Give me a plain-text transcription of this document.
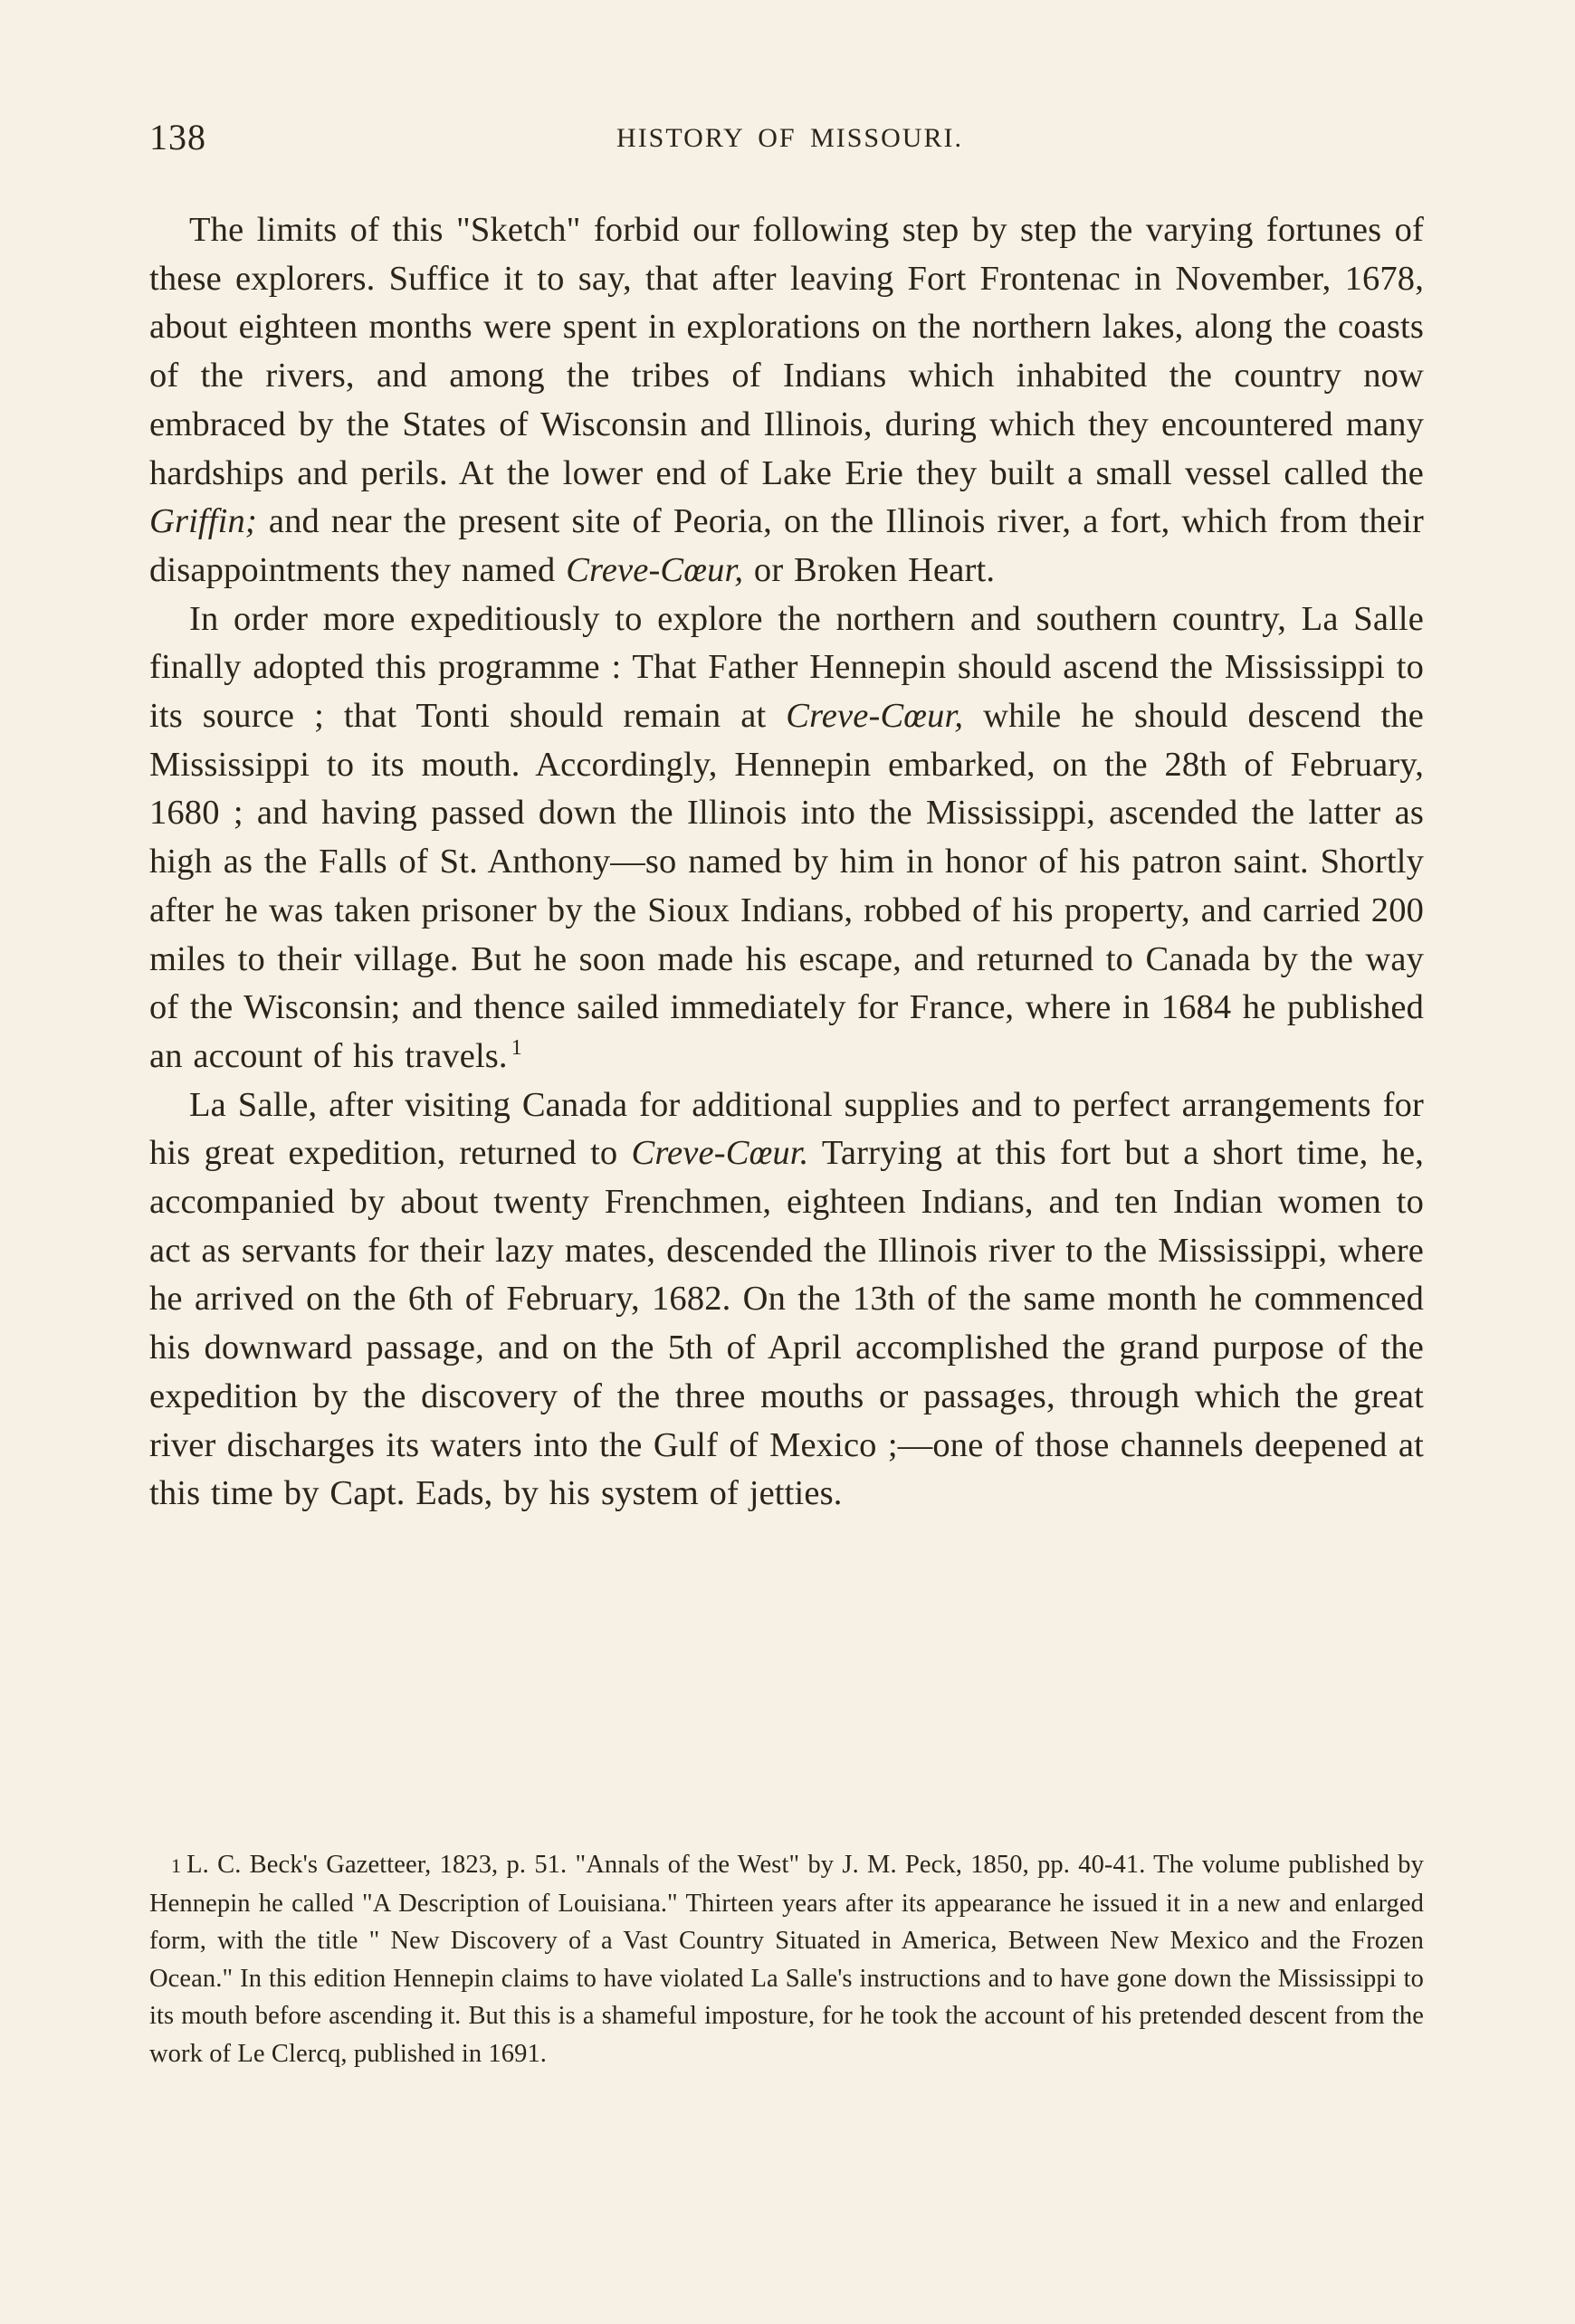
138	HISTORY OF MISSOURI.

The limits of this "Sketch" forbid our following step by step the varying fortunes of these explorers. Suffice it to say, that after leaving Fort Frontenac in November, 1678, about eighteen months were spent in explorations on the northern lakes, along the coasts of the rivers, and among the tribes of Indians which inhabited the country now embraced by the States of Wisconsin and Illinois, during which they encountered many hardships and perils. At the lower end of Lake Erie they built a small vessel called the Griffin; and near the present site of Peoria, on the Illinois river, a fort, which from their disappointments they named Creve-Cœur, or Broken Heart.

In order more expeditiously to explore the northern and southern country, La Salle finally adopted this programme : That Father Hennepin should ascend the Mississippi to its source ; that Tonti should remain at Creve-Cœur, while he should descend the Mississippi to its mouth. Accordingly, Hennepin embarked, on the 28th of February, 1680 ; and having passed down the Illinois into the Mississippi, ascended the latter as high as the Falls of St. Anthony—so named by him in honor of his patron saint. Shortly after he was taken prisoner by the Sioux Indians, robbed of his property, and carried 200 miles to their village. But he soon made his escape, and returned to Canada by the way of the Wisconsin; and thence sailed immediately for France, where in 1684 he published an account of his travels. $^1$

La Salle, after visiting Canada for additional supplies and to perfect arrangements for his great expedition, returned to Creve-Cœur. Tarrying at this fort but a short time, he, accompanied by about twenty Frenchmen, eighteen Indians, and ten Indian women to act as servants for their lazy mates, descended the Illinois river to the Mississippi, where he arrived on the 6th of February, 1682. On the 13th of the same month he commenced his downward passage, and on the 5th of April accomplished the grand purpose of the expedition by the discovery of the three mouths or passages, through which the great river discharges its waters into the Gulf of Mexico ;—one of those channels deepened at this time by Capt. Eads, by his system of jetties.

1 L. C. Beck's Gazetteer, 1823, p. 51. "Annals of the West" by J. M. Peck, 1850, pp. 40-41. The volume published by Hennepin he called "A Description of Louisiana." Thirteen years after its appearance he issued it in a new and enlarged form, with the title " New Discovery of a Vast Country Situated in America, Between New Mexico and the Frozen Ocean." In this edition Hennepin claims to have violated La Salle's instructions and to have gone down the Mississippi to its mouth before ascending it. But this is a shameful imposture, for he took the account of his pretended descent from the work of Le Clercq, published in 1691.
